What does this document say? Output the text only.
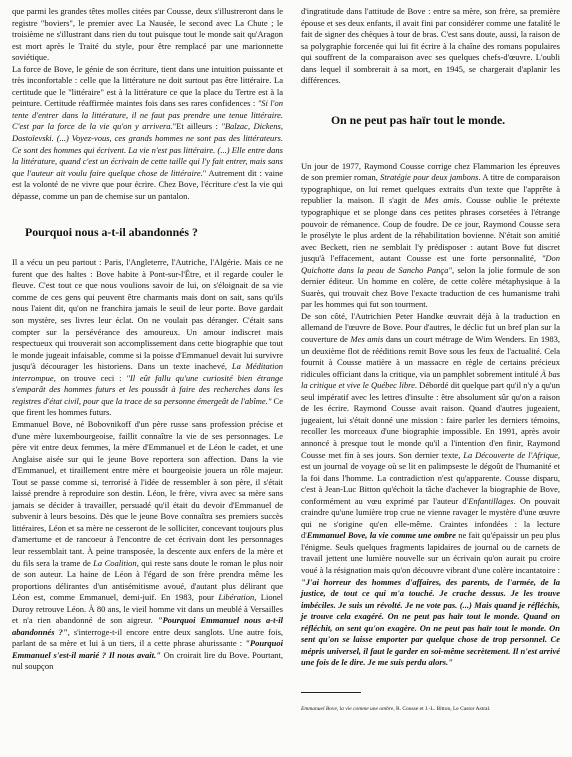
que parmi les grandes têtes molles citées par Cousse, deux s'illustreront dans le registre "boviers", le premier avec La Nausée, le second avec La Chute ; le troisième ne s'illustrant dans rien du tout puisque tout le monde sait qu'Aragon est mort après le Traité du style, pour être remplacé par une marionnette soviétique.

La force de Bove, le génie de son écriture, tient dans une intuition puissante et très inconfortable : celle que la littérature ne doit surtout pas être littéraire. La certitude que le "littéraire" est à la littérature ce que la place du Tertre est à la peinture. Certitude réaffirmée maintes fois dans ses rares confidences : "Si l'on tente d'entrer dans la littérature, il ne faut pas prendre une tenue littéraire. C'est par la force de la vie qu'on y arrivera."Et ailleurs : "Balzac, Dickens, Dostoïevski. (...) Voyez-vous, ces grands hommes ne sont pas des littérateurs. Ce sont des hommes qui écrivent. La vie n'est pas littéraire. (...) Elle entre dans la littérature, quand c'est un écrivain de cette taille qui l'y fait entrer, mais sans que l'auteur ait voulu faire quelque chose de littéraire." Autrement dit : vaine est la volonté de ne vivre que pour écrire. Chez Bove, l'écriture c'est la vie qui dépasse, comme un pan de chemise sur un pantalon.

Pourquoi nous a-t-il abandonnés ?

Il a vécu un peu partout : Paris, l'Angleterre, l'Autriche, l'Algérie. Mais ce ne furent que des haltes : Bove habite à Pont-sur-l'Être, et il regarde couler le fleuve. C'est tout ce que nous voulions savoir de lui, on s'éloignait de sa vie comme de ces gens qui peuvent être charmants mais dont on sait, sans qu'ils nous l'aient dit, qu'on ne franchira jamais le seuil de leur porte. Bove gardait son mystère, ses livres leur éclat. On ne voulait pas déranger. C'était sans compter sur la persévérance des amoureux. Un amour indiscret mais respectueux qui trouverait son accomplissement dans cette biographie que tout le monde jugeait infaisable, comme si la poisse d'Emmanuel devait lui survivre jusqu'à décourager les historiens. Dans un texte inachevé, La Méditation interrompue, on trouve ceci : "Il eût fallu qu'une curiosité bien étrange s'emparât des hommes futurs et les poussât à faire des recherches dans les registres d'état civil, pour que la trace de sa personne émergeât de l'abîme." Ce que firent les hommes futurs.

Emmanuel Bove, né Bobovnikoff d'un père russe sans profession précise et d'une mère luxembourgeoise, faillit connaître la vie de ses personnages. Le père vit entre deux femmes, la mère d'Emmanuel et de Léon le cadet, et une Anglaise aisée sur qui le jeune Bove reportera son affection. Dans la vie d'Emmanuel, et tiraillement entre mère et bourgeoisie jouera un rôle majeur. Tout se passe comme si, terrorisé à l'idée de ressembler à son père, il s'était laissé prendre à reproduire son destin. Léon, le frère, vivra avec sa mère sans jamais se décider à travailler, persuadé qu'il était du devoir d'Emmanuel de subvenir à leurs besoins. Dès que le jeune Bove connaîtra ses premiers succès littéraires, Léon et sa mère ne cesseront de le solliciter, concevant toujours plus d'amertume et de rancoeur à l'encontre de cet écrivain dont les personnages leur ressemblait tant. À peine transposée, la descente aux enfers de la mère et du fils sera la trame de La Coalition, qui reste sans doute le roman le plus noir de son auteur. La haine de Léon à l'égard de son frère prendra même les proportions délirantes d'un antisémitisme avoué, d'autant plus délirant que Léon est, comme Emmanuel, demi-juif. En 1983, pour Libération, Lionel Duroy retrouve Léon. À 80 ans, le vieil homme vit dans un meublé à Versailles et n'a rien abandonné de son aigreur. "Pourquoi Emmanuel nous a-t-il abandonnés ?", s'interroge-t-il encore entre deux sanglots. Une autre fois, parlant de sa mère et lui à un tiers, il a cette phrase ahurissante : "Pourquoi Emmanuel s'est-il marié ? Il nous avait." On croirait lire du Bove. Pourtant, nul soupçon

d'ingratitude dans l'attitude de Bove : entre sa mère, son frère, sa première épouse et ses deux enfants, il avait fini par considérer comme une fatalité le fait de signer des chèques à tour de bras. C'est sans doute, aussi, la raison de sa polygraphie forcenée qui lui fit écrire à la chaîne des romans populaires qui souffrent de la comparaison avec ses quelques chefs-d'œuvre. L'oubli dans lequel il sombrerait à sa mort, en 1945, se chargerait d'aplanir les différences.

On ne peut pas haïr tout le monde.

Un jour de 1977, Raymond Cousse corrige chez Flammarion les épreuves de son premier roman, Stratégie pour deux jambons. A titre de comparaison typographique, on lui remet quelques extraits d'un texte que l'apprête à republier la maison. Il s'agit de Mes amis. Cousse oublie le prétexte typographique et se plonge dans ces petites phrases corsetées à l'étrange pouvoir de rémanence. Coup de foudre. De ce jour, Raymond Cousse sera le prosélyte le plus ardent de la réhabilitation bovienne. N'était son amitié avec Beckett, rien ne semblait l'y prédisposer : autant Bove fut discret jusqu'à l'effacement, autant Cousse est une forte personnalité, "Don Quichotte dans la peau de Sancho Pança", selon la jolie formule de son dernier éditeur. Un homme en colère, de cette colère métaphysique à la Suarès, qui trouvait chez Bove l'exacte traduction de ces humanisme trahi par les hommes qui fut son tourment.

De son côté, l'Autrichien Peter Handke œuvrait déjà à la traduction en allemand de l'œuvre de Bove. Pour d'autres, le déclic fut un bref plan sur la couverture de Mes amis dans un court métrage de Wim Wenders. En 1983, un deuxième flot de rééditions remit Bove sous les feux de l'actualité. Cela fournit à Cousse matière à un massacre en règle de certains précieux ridicules officiant dans la critique, via un pamphlet sobrement intitulé À bas la critique et vive le Québec libre. Débordé dit quelque part qu'il n'y a qu'un seul impératif avec les lettres d'insulte : être absolument sûr qu'on a raison de les écrire. Raymond Cousse avait raison. Quand d'autres jugeaient, jugeaient, lui s'était donné une mission : faire parler les derniers témoins, recoller les morceaux d'une biographie impossible. En 1991, après avoir annoncé à presque tout le monde qu'il a l'intention d'en finir, Raymond Cousse met fin à ses jours. Son dernier texte, La Découverte de l'Afrique, est un journal de voyage où se lit en palimpseste le dégoût de l'humanité et la foi dans l'homme. La contradiction n'est qu'apparente. Cousse disparu, c'est à Jean-Luc Bitton qu'échoit la tâche d'achever la biographie de Bove, conformément au vœu exprimé par l'auteur d'Enfantillages. On pouvait craindre qu'une lumière trop crue ne vienne ravager le mystère d'une œuvre qui ne s'origine qu'en elle-même. Craintes infondées : la lecture d'Emmanuel Bove, la vie comme une ombre ne fait qu'épaissir un peu plus l'énigme. Seuls quelques fragments lapidaires de journal ou de carnets de travail jettent une lumière nouvelle sur un écrivain qu'on aurait pu croire voué à la résignation mais qu'on découvre vibrant d'une colère incantatoire : "J'ai horreur des hommes d'affaires, des parents, de l'armée, de la justice, de tout ce qui m'a touché. Je crache dessus. Je les trouve imbéciles. Je suis un révolté. Je ne vote pas. (...) Mais quand je réfléchis, je trouve cela exagéré. On ne peut pas haïr tout le monde. Quand on réfléchit, on sent qu'on exagère. On ne peut pas haïr tout le monde. On sent qu'on se laisse emporter par quelque chose de trop personnel. Ce mépris universel, il faut le garder en soi-même secrètement. Il n'est arrivé une fois de le dire. Je me suis perdu alors."

Emmanuel Bove, la vie comme une ombre, R. Cousse et J.-L. Bitton, Le Castor Astral.
